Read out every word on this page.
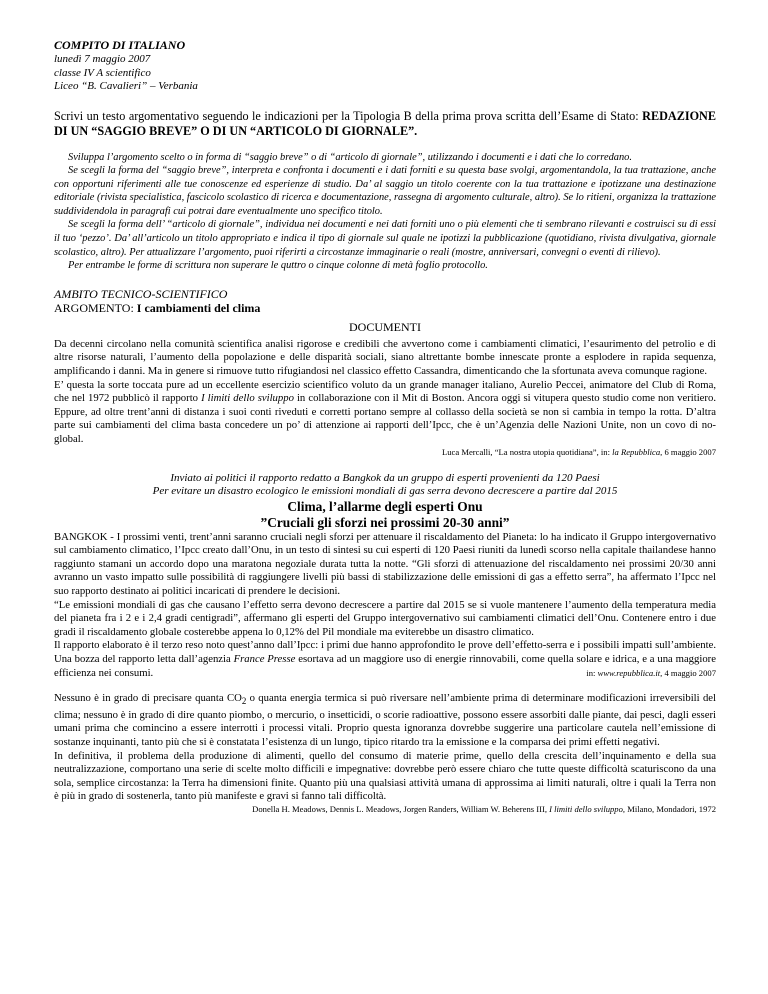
COMPITO DI ITALIANO
lunedì 7 maggio 2007
classe IV A scientifico
Liceo “B. Cavalieri” – Verbania

Scrivi un testo argomentativo seguendo le indicazioni per la Tipologia B della prima prova scritta dell’Esame di Stato: REDAZIONE DI UN “SAGGIO BREVE” O DI UN “ARTICOLO DI GIORNALE”.

Sviluppa l’argomento scelto o in forma di “saggio breve” o di “articolo di giornale”, utilizzando i documenti e i dati che lo corredano.

Se scegli la forma del “saggio breve”, interpreta e confronta i documenti e i dati forniti e su questa base svolgi, argomentandola, la tua trattazione, anche con opportuni riferimenti alle tue conoscenze ed esperienze di studio. Da’ al saggio un titolo coerente con la tua trattazione e ipotizzane una destinazione editoriale (rivista specialistica, fascicolo scolastico di ricerca e documentazione, rassegna di argomento culturale, altro). Se lo ritieni, organizza la trattazione suddividendola in paragrafi cui potrai dare eventualmente uno specifico titolo.

Se scegli la forma dell’ “articolo di giornale”, individua nei documenti e nei dati forniti uno o più elementi che ti sembrano rilevanti e costruisci su di essi il tuo ‘pezzo’. Da’ all’articolo un titolo appropriato e indica il tipo di giornale sul quale ne ipotizzi la pubblicazione (quotidiano, rivista divulgativa, giornale scolastico, altro). Per attualizzare l’argomento, puoi riferirti a circostanze immaginarie o reali (mostre, anniversari, convegni o eventi di rilievo).

Per entrambe le forme di scrittura non superare le quttro o cinque colonne di metà foglio protocollo.

AMBITO TECNICO-SCIENTIFICO
ARGOMENTO: I cambiamenti del clima
DOCUMENTI

Da decenni circolano nella comunità scientifica analisi rigorose e credibili che avvertono come i cambiamenti climatici, l’esaurimento del petrolio e di altre risorse naturali, l’aumento della popolazione e delle disparità sociali, siano altrettante bombe innescate pronte a esplodere in rapida sequenza, amplificando i danni. Ma in genere si rimuove tutto rifugiandosi nel classico effetto Cassandra, dimenticando che la sfortunata aveva comunque ragione.

E’ questa la sorte toccata pure ad un eccellente esercizio scientifico voluto da un grande manager italiano, Aurelio Peccei, animatore del Club di Roma, che nel 1972 pubblicò il rapporto I limiti dello sviluppo in collaborazione con il Mit di Boston. Ancora oggi si vitupera questo studio come non veritiero. Eppure, ad oltre trent’anni di distanza i suoi conti riveduti e corretti portano sempre al collasso della società se non si cambia in tempo la rotta. D’altra parte sui cambiamenti del clima basta concedere un po’ di attenzione ai rapporti dell’Ipcc, che è un’Agenzia delle Nazioni Unite, non un covo di no-global.

Luca Mercalli, “La nostra utopia quotidiana”, in: la Repubblica, 6 maggio 2007
Inviato ai politici il rapporto redatto a Bangkok da un gruppo di esperti provenienti da 120 Paesi
Per evitare un disastro ecologico le emissioni mondiali di gas serra devono decrescere a partire dal 2015
Clima, l’allarme degli esperti Onu
”Cruciali gli sforzi nei prossimi 20-30 anni”

BANGKOK - I prossimi venti, trent’anni saranno cruciali negli sforzi per attenuare il riscaldamento del Pianeta: lo ha indicato il Gruppo intergovernativo sul cambiamento climatico, l’Ipcc creato dall’Onu, in un testo di sintesi su cui esperti di 120 Paesi riuniti da lunedì scorso nella capitale thailandese hanno raggiunto stamani un accordo dopo una maratona negoziale durata tutta la notte. “Gli sforzi di attenuazione del riscaldamento nei prossimi 20/30 anni avranno un vasto impatto sulle possibilità di raggiungere livelli più bassi di stabilizzazione delle emissioni di gas a effetto serra”, ha affermato l’Ipcc nel suo rapporto destinato ai politici incaricati di prendere le decisioni.

“Le emissioni mondiali di gas che causano l’effetto serra devono decrescere a partire dal 2015 se si vuole mantenere l’aumento della temperatura media del pianeta fra i 2 e i 2,4 gradi centigradi”, affermano gli esperti del Gruppo intergovernativo sui cambiamenti climatici dell’Onu. Contenere entro i due gradi il riscaldamento globale costerebbe appena lo 0,12% del Pil mondiale ma eviterebbe un disastro climatico.

Il rapporto elaborato è il terzo reso noto quest’anno dall’Ipcc: i primi due hanno approfondito le prove dell’effetto-serra e i possibili impatti sull’ambiente. Una bozza del rapporto letta dall’agenzia France Presse esortava ad un maggiore uso di energie rinnovabili, come quella solare e idrica, e a una maggiore efficienza nei consumi.	in: www.repubblica.it, 4 maggio 2007

Nessuno è in grado di precisare quanta $CO_2$ o quanta energia termica si può riversare nell’ambiente prima di determinare modificazioni irreversibili del clima; nessuno è in grado di dire quanto piombo, o mercurio, o insetticidi, o scorie radioattive, possono essere assorbiti dalle piante, dai pesci, dagli esseri umani prima che comincino a essere interrotti i processi vitali. Proprio questa ignoranza dovrebbe suggerire una particolare cautela nell’emissione di sostanze inquinanti, tanto più che si è constatata l’esistenza di un lungo, tipico ritardo tra la emissione e la comparsa dei primi effetti negativi.

In definitiva, il problema della produzione di alimenti, quello del consumo di materie prime, quello della crescita dell’inquinamento e della sua neutralizzazione, comportano una serie di scelte molto difficili e impegnative: dovrebbe però essere chiaro che tutte queste difficoltà scaturiscono da una sola, semplice circostanza: la Terra ha dimensioni finite. Quanto più una qualsiasi attività umana di approssima ai limiti naturali, oltre i quali la Terra non è più in grado di sostenerla, tanto più manifeste e gravi si fanno tali difficoltà.

Donella H. Meadows, Dennis L. Meadows, Jorgen Randers, William W. Beherens III, I limiti dello sviluppo, Milano, Mondadori, 1972
